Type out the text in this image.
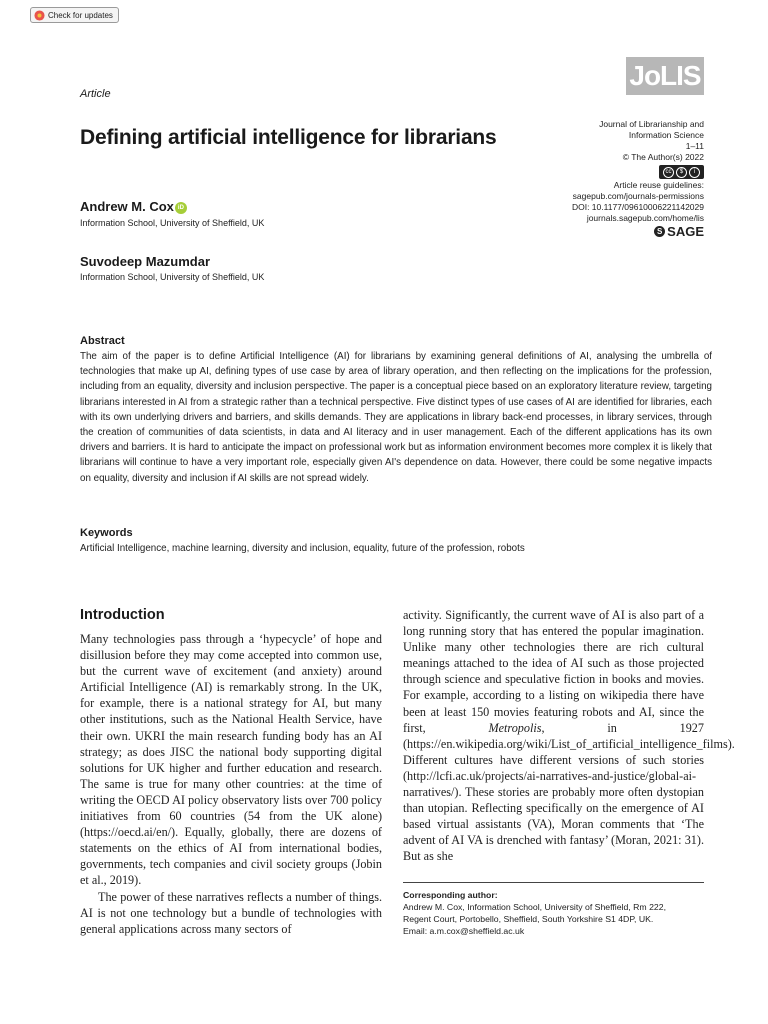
Check for updates
Article
Defining artificial intelligence for librarians
JoLIS
Journal of Librarianship and
Information Science
1–11
© The Author(s) 2022
cc	$	i
Article reuse guidelines:
sagepub.com/journals-permissions
DOI: 10.1177/09610006221142029
journals.sagepub.com/home/lis
S SAGE

Andrew M. Cox iD

Information School, University of Sheffield, UK

Suvodeep Mazumdar

Information School, University of Sheffield, UK

Abstract

The aim of the paper is to define Artificial Intelligence (AI) for librarians by examining general definitions of AI, analysing the umbrella of technologies that make up AI, defining types of use case by area of library operation, and then reflecting on the implications for the profession, including from an equality, diversity and inclusion perspective. The paper is a conceptual piece based on an exploratory literature review, targeting librarians interested in AI from a strategic rather than a technical perspective. Five distinct types of use cases of AI are identified for libraries, each with its own underlying drivers and barriers, and skills demands. They are applications in library back-end processes, in library services, through the creation of communities of data scientists, in data and AI literacy and in user management. Each of the different applications has its own drivers and barriers. It is hard to anticipate the impact on professional work but as information environment becomes more complex it is likely that librarians will continue to have a very important role, especially given AI's dependence on data. However, there could be some negative impacts on equality, diversity and inclusion if AI skills are not spread widely.

Keywords

Artificial Intelligence, machine learning, diversity and inclusion, equality, future of the profession, robots

Introduction

Many technologies pass through a ‘hypecycle’ of hope and disillusion before they may come accepted into common use, but the current wave of excitement (and anxiety) around Artificial Intelligence (AI) is remarkably strong. In the UK, for example, there is a national strategy for AI, but many other institutions, such as the National Health Service, have their own. UKRI the main research funding body has an AI strategy; as does JISC the national body supporting digital solutions for UK higher and further education and research. The same is true for many other countries: at the time of writing the OECD AI policy observatory lists over 700 policy initiatives from 60 countries (54 from the UK alone) (https://oecd.ai/en/). Equally, globally, there are dozens of statements on the ethics of AI from international bodies, governments, tech companies and civil society groups (Jobin et al., 2019).

The power of these narratives reflects a number of things. AI is not one technology but a bundle of technologies with general applications across many sectors of

activity. Significantly, the current wave of AI is also part of a long running story that has entered the popular imagination. Unlike many other technologies there are rich cultural meanings attached to the idea of AI such as those projected through science and speculative fiction in books and movies. For example, according to a listing on wikipedia there have been at least 150 movies featuring robots and AI, since the first, Metropolis, in 1927 (https://en.wikipedia.org/wiki/List_of_artificial_intelligence_films). Different cultures have different versions of such stories (http://lcfi.ac.uk/projects/ai-narratives-and-justice/global-ai-narratives/). These stories are probably more often dystopian than utopian. Reflecting specifically on the emergence of AI based virtual assistants (VA), Moran comments that ‘The advent of AI VA is drenched with fantasy’ (Moran, 2021: 31). But as she

Corresponding author:
Andrew M. Cox, Information School, University of Sheffield, Rm 222,
Regent Court, Portobello, Sheffield, South Yorkshire S1 4DP, UK.
Email: a.m.cox@sheffield.ac.uk
